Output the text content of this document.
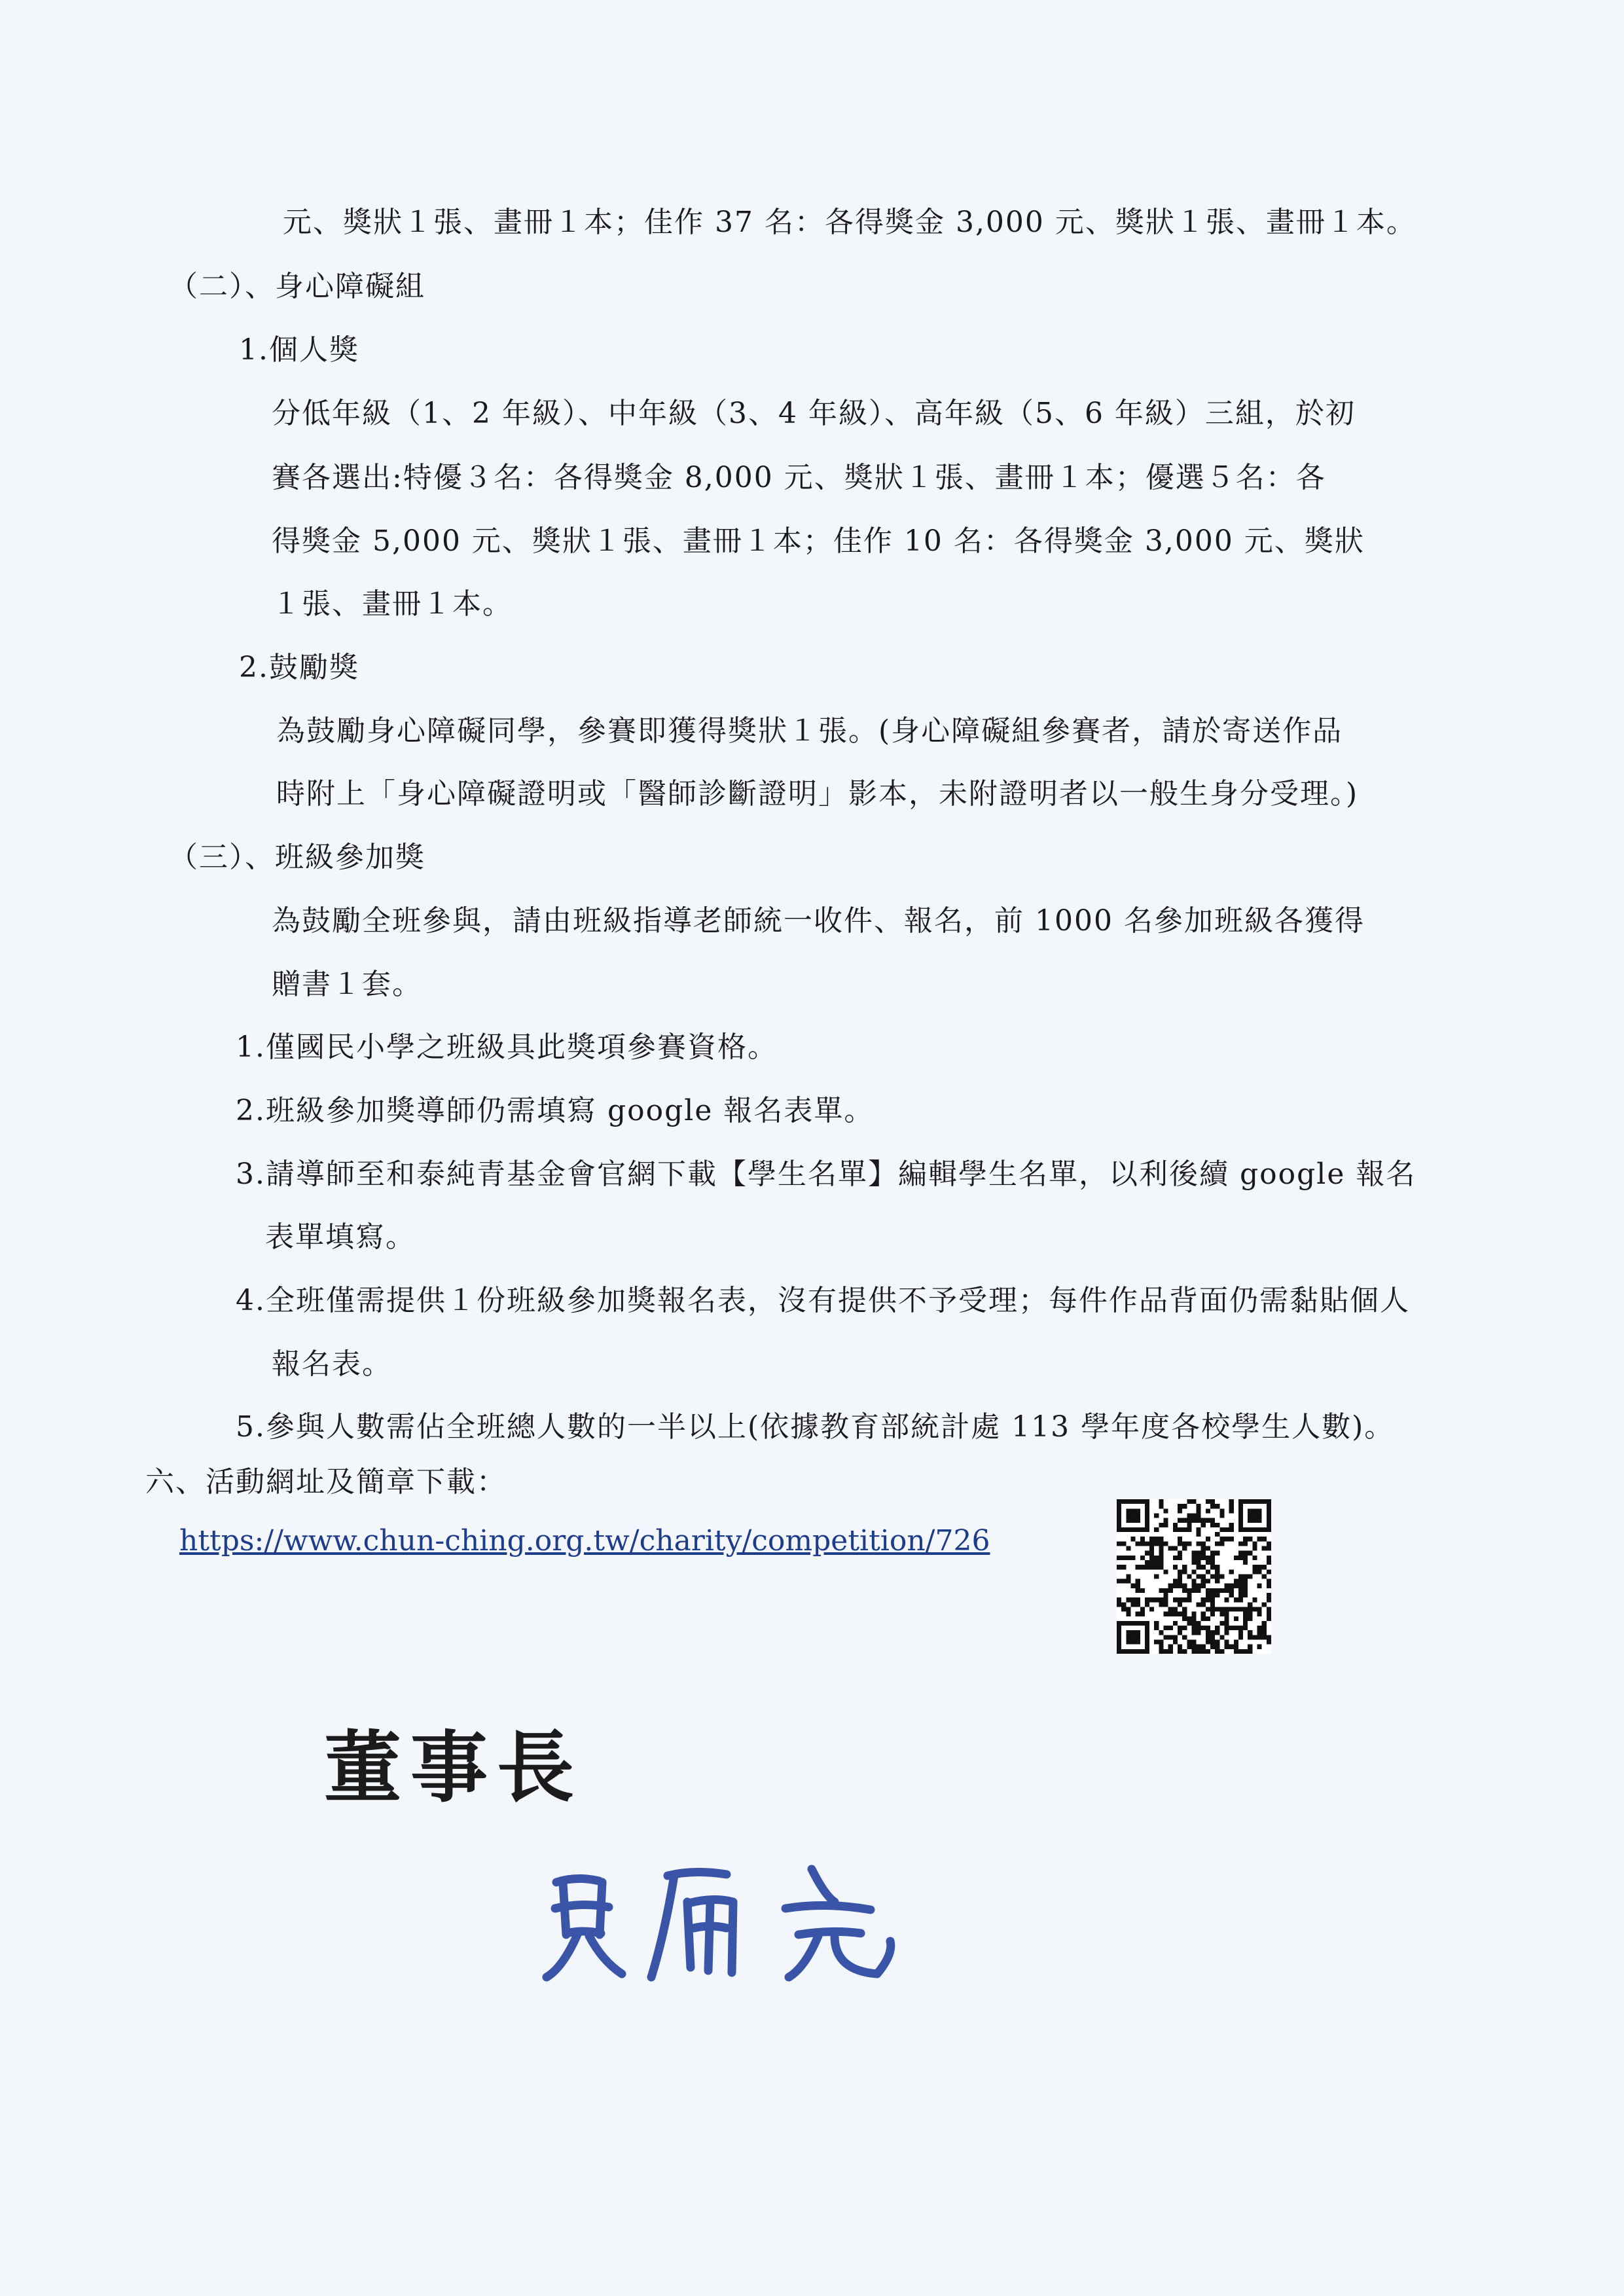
元、獎狀１張、畫冊１本；佳作 37 名：各得獎金 3,000 元、獎狀１張、畫冊１本。
（二）、身心障礙組
1.個人獎
分低年級（1、2 年級）、中年級（3、4 年級）、高年級（5、6 年級）三組，於初
賽各選出:特優３名：各得獎金 8,000 元、獎狀１張、畫冊１本；優選５名：各
得獎金 5,000 元、獎狀１張、畫冊１本；佳作 10 名：各得獎金 3,000 元、獎狀
１張、畫冊１本。
2.鼓勵獎
為鼓勵身心障礙同學，參賽即獲得獎狀１張。(身心障礙組參賽者，請於寄送作品
時附上「身心障礙證明或「醫師診斷證明」影本，未附證明者以一般生身分受理。)
（三）、班級參加獎
為鼓勵全班參與，請由班級指導老師統一收件、報名，前 1000 名參加班級各獲得
贈書１套。
1.僅國民小學之班級具此獎項參賽資格。
2.班級參加獎導師仍需填寫 google 報名表單。
3.請導師至和泰純青基金會官網下載【學生名單】編輯學生名單，以利後續 google 報名
表單填寫。
4.全班僅需提供１份班級參加獎報名表，沒有提供不予受理；每件作品背面仍需黏貼個人
報名表。
5.參與人數需佔全班總人數的一半以上(依據教育部統計處 113 學年度各校學生人數)。
六、活動網址及簡章下載：
https://www.chun-ching.org.tw/charity/competition/726
董事長
